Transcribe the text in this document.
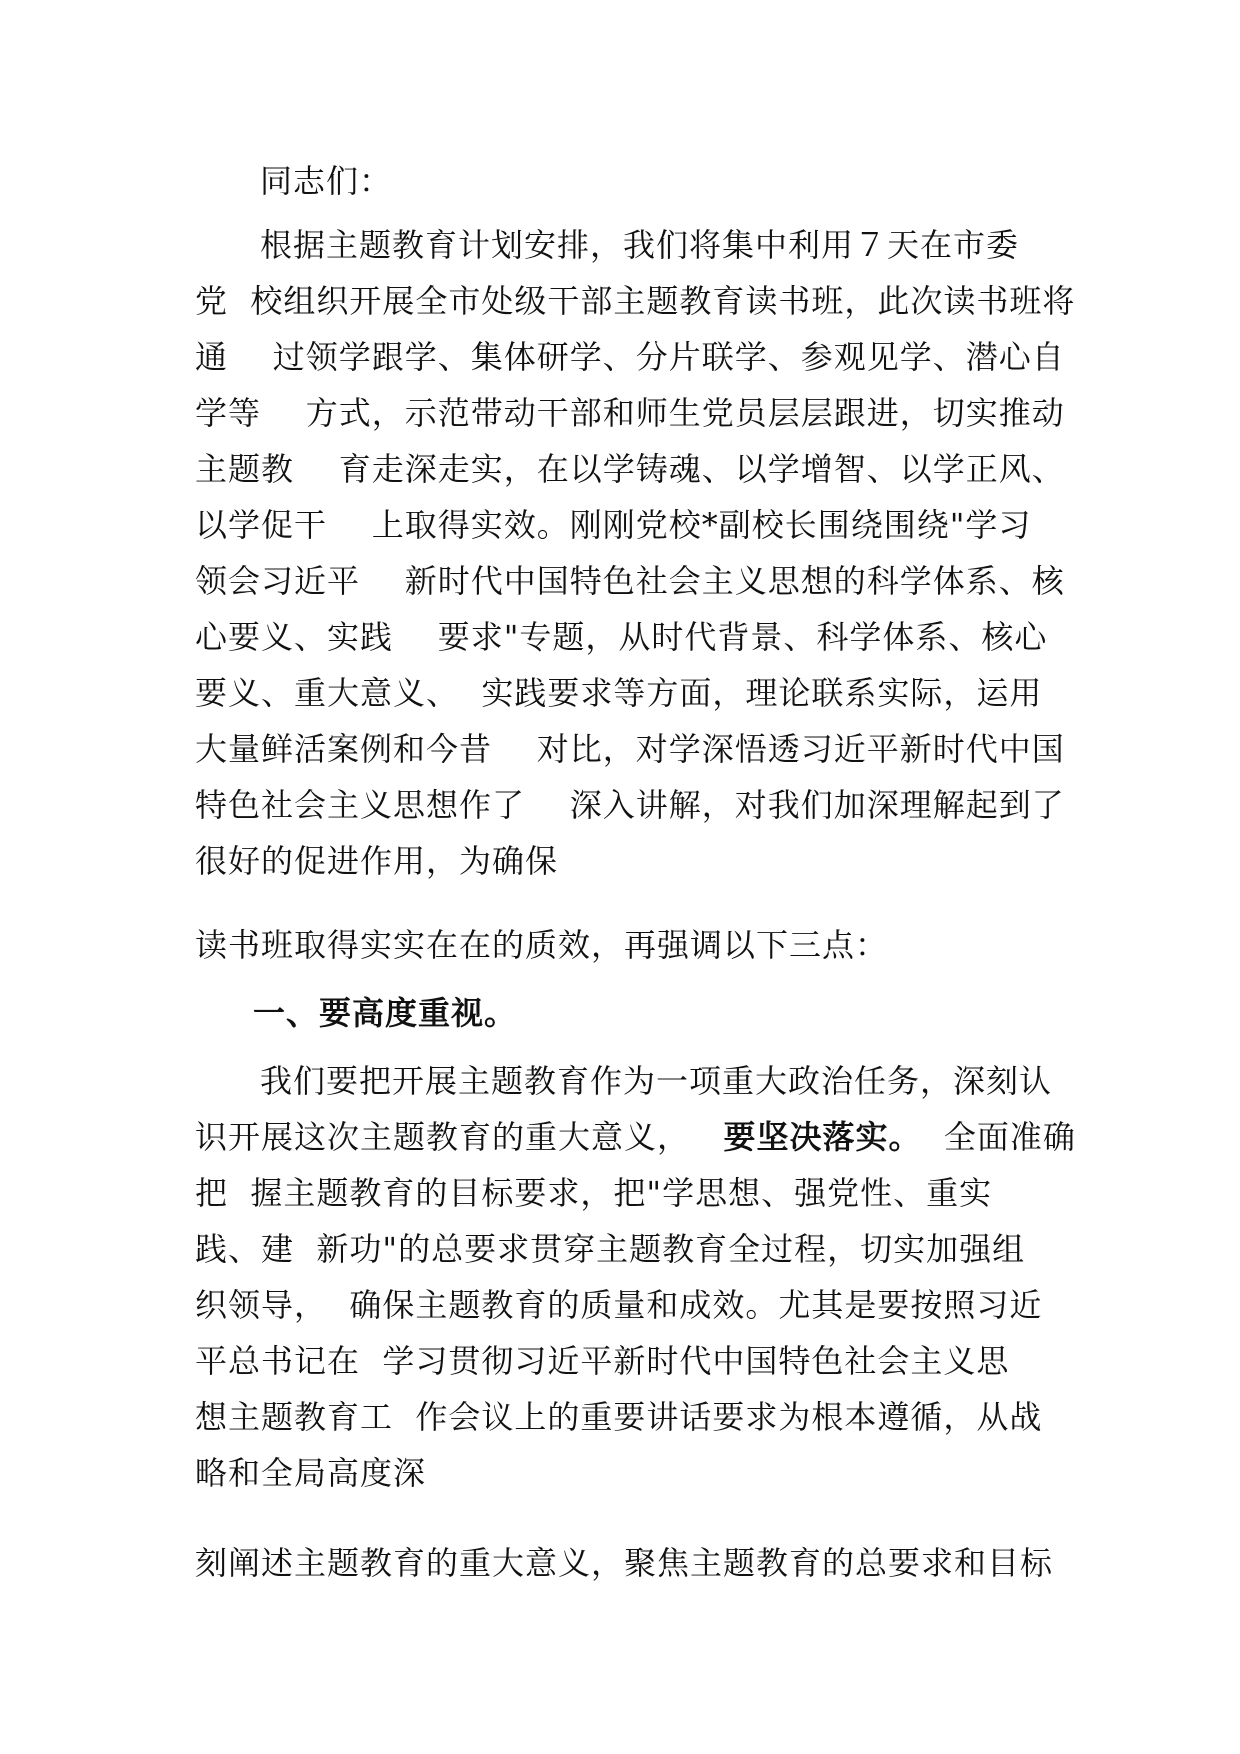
同志们：
根据主题教育计划安排，我们将集中利用７天在市委
党  校组织开展全市处级干部主题教育读书班，此次读书班将
通    过领学跟学、集体研学、分片联学、参观见学、潜心自
学等    方式，示范带动干部和师生党员层层跟进，切实推动
主题教    育走深走实，在以学铸魂、以学增智、以学正风、
以学促干    上取得实效。刚刚党校*副校长围绕围绕"学习
领会习近平    新时代中国特色社会主义思想的科学体系、核
心要义、实践    要求"专题，从时代背景、科学体系、核心
要义、重大意义、  实践要求等方面，理论联系实际，运用
大量鲜活案例和今昔    对比，对学深悟透习近平新时代中国
特色社会主义思想作了    深入讲解，对我们加深理解起到了
很好的促进作用，为确保
读书班取得实实在在的质效，再强调以下三点：
一、要高度重视。
我们要把开展主题教育作为一项重大政治任务，深刻认
识开展这次主题教育的重大意义，   要坚决落实。  全面准确
把  握主题教育的目标要求，把"学思想、强党性、重实
践、建  新功"的总要求贯穿主题教育全过程，切实加强组
织领导，  确保主题教育的质量和成效。尤其是要按照习近
平总书记在  学习贯彻习近平新时代中国特色社会主义思
想主题教育工  作会议上的重要讲话要求为根本遵循，从战
略和全局高度深
刻阐述主题教育的重大意义，聚焦主题教育的总要求和目标
